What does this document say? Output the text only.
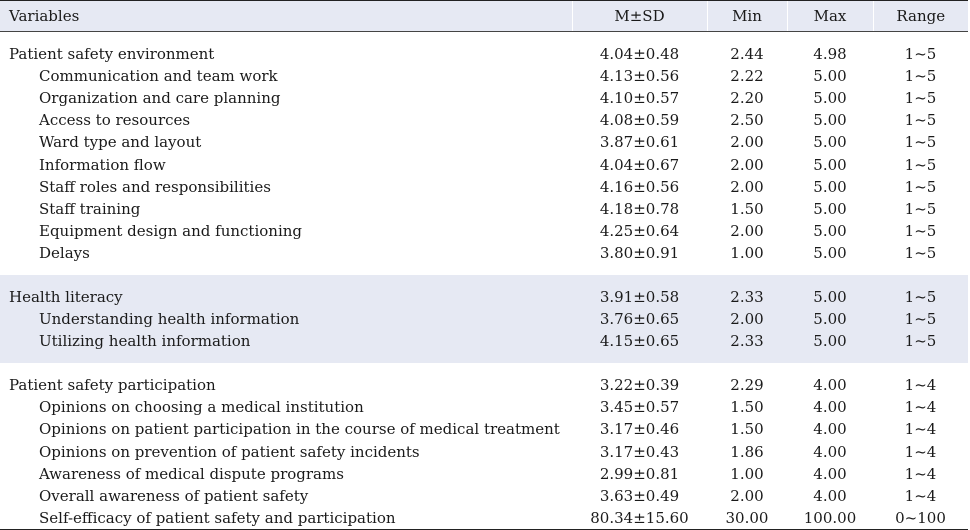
Variables	M±SD	Min	Max	Range

Patient safety environment	4.04±0.48	2.44	4.98	1~5
Communication and team work	4.13±0.56	2.22	5.00	1~5
Organization and care planning	4.10±0.57	2.20	5.00	1~5
Access to resources	4.08±0.59	2.50	5.00	1~5
Ward type and layout	3.87±0.61	2.00	5.00	1~5
Information flow	4.04±0.67	2.00	5.00	1~5
Staff roles and responsibilities	4.16±0.56	2.00	5.00	1~5
Staff training	4.18±0.78	1.50	5.00	1~5
Equipment design and functioning	4.25±0.64	2.00	5.00	1~5
Delays	3.80±0.91	1.00	5.00	1~5

Health literacy	3.91±0.58	2.33	5.00	1~5
Understanding health information	3.76±0.65	2.00	5.00	1~5
Utilizing health information	4.15±0.65	2.33	5.00	1~5

Patient safety participation	3.22±0.39	2.29	4.00	1~4
Opinions on choosing a medical institution	3.45±0.57	1.50	4.00	1~4
Opinions on patient participation in the course of medical treatment	3.17±0.46	1.50	4.00	1~4
Opinions on prevention of patient safety incidents	3.17±0.43	1.86	4.00	1~4
Awareness of medical dispute programs	2.99±0.81	1.00	4.00	1~4
Overall awareness of patient safety	3.63±0.49	2.00	4.00	1~4
Self-efficacy of patient safety and participation	80.34±15.60	30.00	100.00	0~100
